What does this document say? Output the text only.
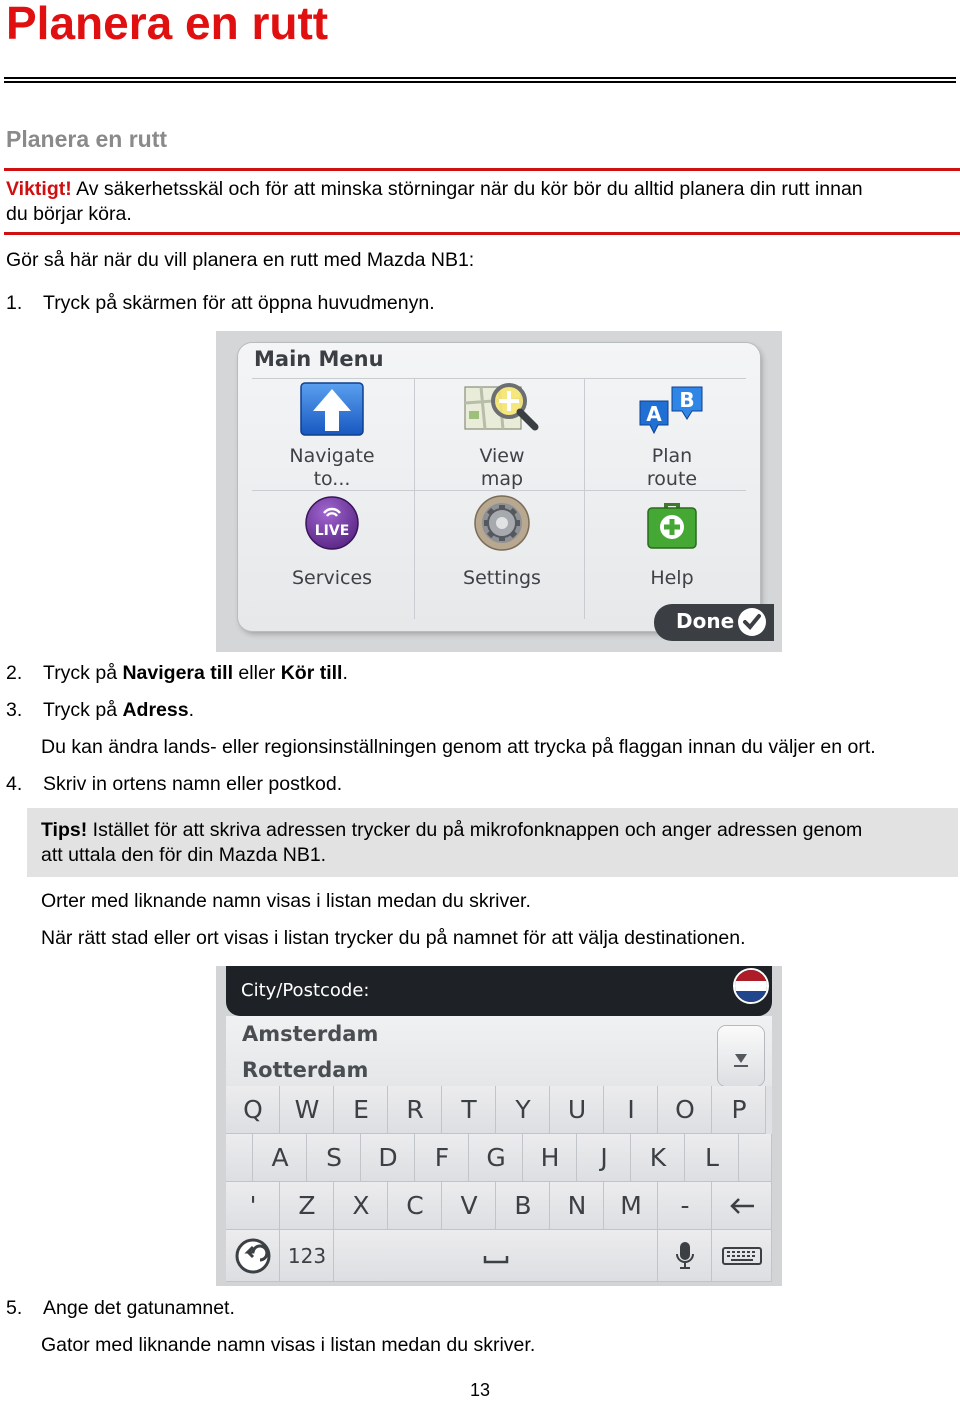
Planera en rutt
Planera en rutt
Viktigt! Av säkerhetsskäl och för att minska störningar när du kör bör du alltid planera din rutt innan
du börjar köra.
Gör så här när du vill planera en rutt med Mazda NB1:
1. Tryck på skärmen för att öppna huvudmenyn.
Main Menu
Navigate
to...
View
map
A
B
Plan
route
LIVE
Services	Settings	Help
Done
2. Tryck på Navigera till eller Kör till.
3. Tryck på Adress.
Du kan ändra lands- eller regionsinställningen genom att trycka på flaggan innan du väljer en ort.
4. Skriv in ortens namn eller postkod.
Tips! Istället för att skriva adressen trycker du på mikrofonknappen och anger adressen genom
att uttala den för din Mazda NB1.
Orter med liknande namn visas i listan medan du skriver.
När rätt stad eller ort visas i listan trycker du på namnet för att välja destinationen.
City/Postcode:
Amsterdam
Rotterdam
Q	W	E	R	T	Y	U	I	O	P
A	S	D	F	G	H	J	K	L
'	Z	X	C	V	B	N	M	-
123
5. Ange det gatunamnet.
Gator med liknande namn visas i listan medan du skriver.
13
